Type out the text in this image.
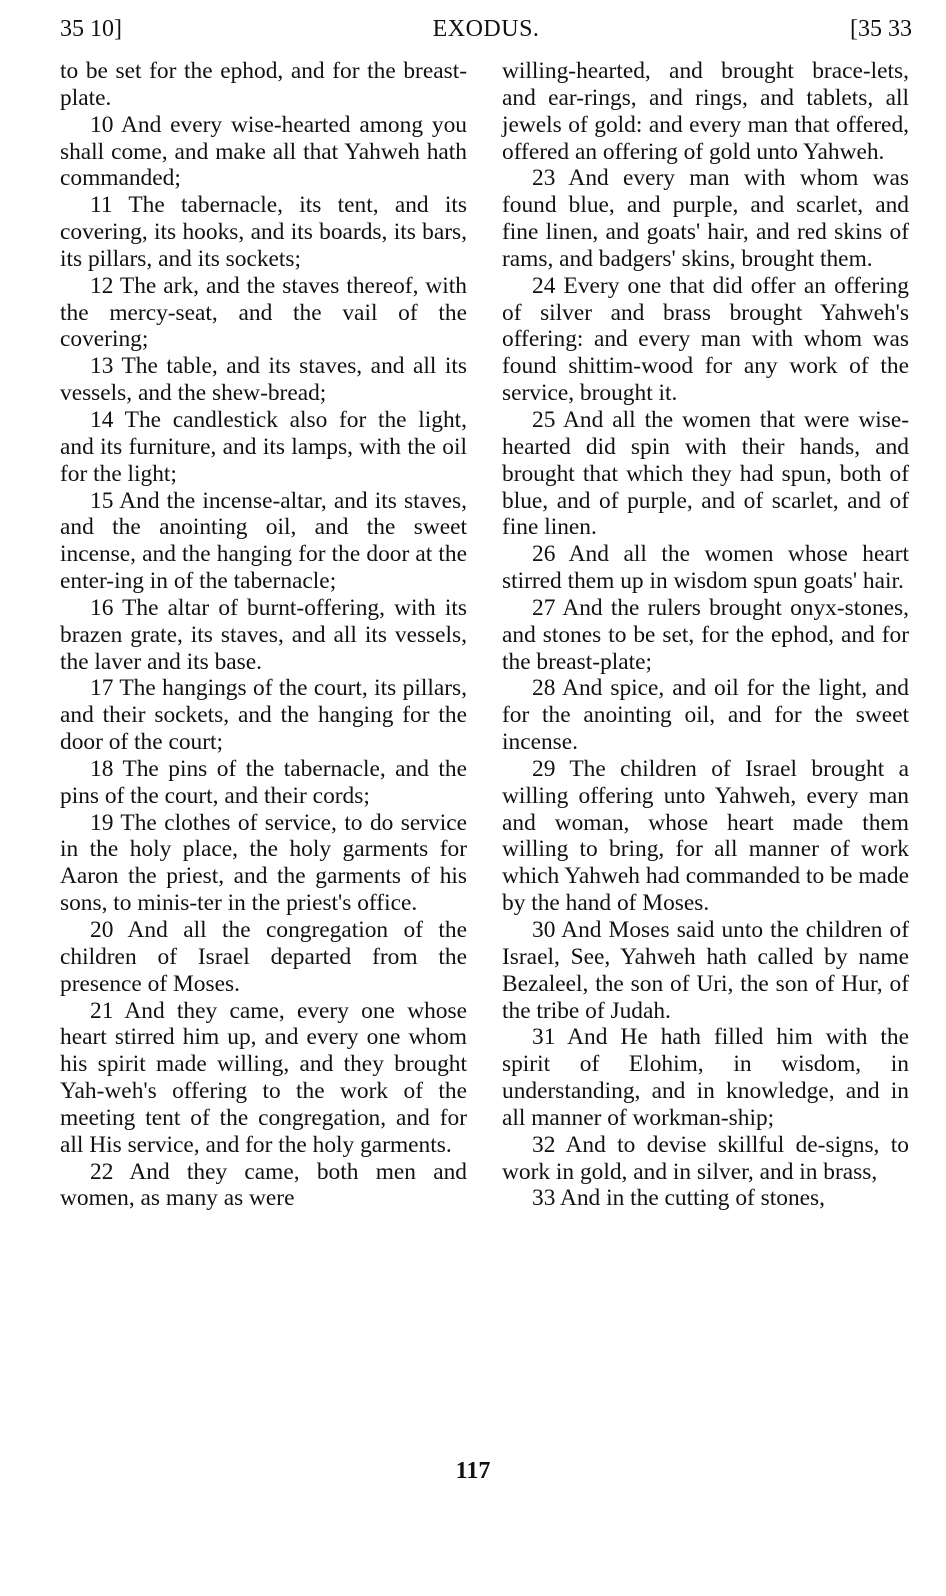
35 10]	EXODUS.	[35 33

to be set for the ephod, and for the breast-plate.

10 And every wise-hearted among you shall come, and make all that Yahweh hath commanded;

11 The tabernacle, its tent, and its covering, its hooks, and its boards, its bars, its pillars, and its sockets;

12 The ark, and the staves thereof, with the mercy-seat, and the vail of the covering;

13 The table, and its staves, and all its vessels, and the shew-bread;

14 The candlestick also for the light, and its furniture, and its lamps, with the oil for the light;

15 And the incense-altar, and its staves, and the anointing oil, and the sweet incense, and the hanging for the door at the enter-ing in of the tabernacle;

16 The altar of burnt-offering, with its brazen grate, its staves, and all its vessels, the laver and its base.

17 The hangings of the court, its pillars, and their sockets, and the hanging for the door of the court;

18 The pins of the tabernacle, and the pins of the court, and their cords;

19 The clothes of service, to do service in the holy place, the holy garments for Aaron the priest, and the garments of his sons, to minis-ter in the priest's office.

20 And all the congregation of the children of Israel departed from the presence of Moses.

21 And they came, every one whose heart stirred him up, and every one whom his spirit made willing, and they brought Yah-weh's offering to the work of the meeting tent of the congregation, and for all His service, and for the holy garments.

22 And they came, both men and women, as many as were

willing-hearted, and brought brace-lets, and ear-rings, and rings, and tablets, all jewels of gold: and every man that offered, offered an offering of gold unto Yahweh.

23 And every man with whom was found blue, and purple, and scarlet, and fine linen, and goats' hair, and red skins of rams, and badgers' skins, brought them.

24 Every one that did offer an offering of silver and brass brought Yahweh's offering: and every man with whom was found shittim-wood for any work of the service, brought it.

25 And all the women that were wise-hearted did spin with their hands, and brought that which they had spun, both of blue, and of purple, and of scarlet, and of fine linen.

26 And all the women whose heart stirred them up in wisdom spun goats' hair.

27 And the rulers brought onyx-stones, and stones to be set, for the ephod, and for the breast-plate;

28 And spice, and oil for the light, and for the anointing oil, and for the sweet incense.

29 The children of Israel brought a willing offering unto Yahweh, every man and woman, whose heart made them willing to bring, for all manner of work which Yahweh had commanded to be made by the hand of Moses.

30 And Moses said unto the children of Israel, See, Yahweh hath called by name Bezaleel, the son of Uri, the son of Hur, of the tribe of Judah.

31 And He hath filled him with the spirit of Elohim, in wisdom, in understanding, and in knowledge, and in all manner of workman-ship;

32 And to devise skillful de-signs, to work in gold, and in silver, and in brass,

33 And in the cutting of stones,

117
